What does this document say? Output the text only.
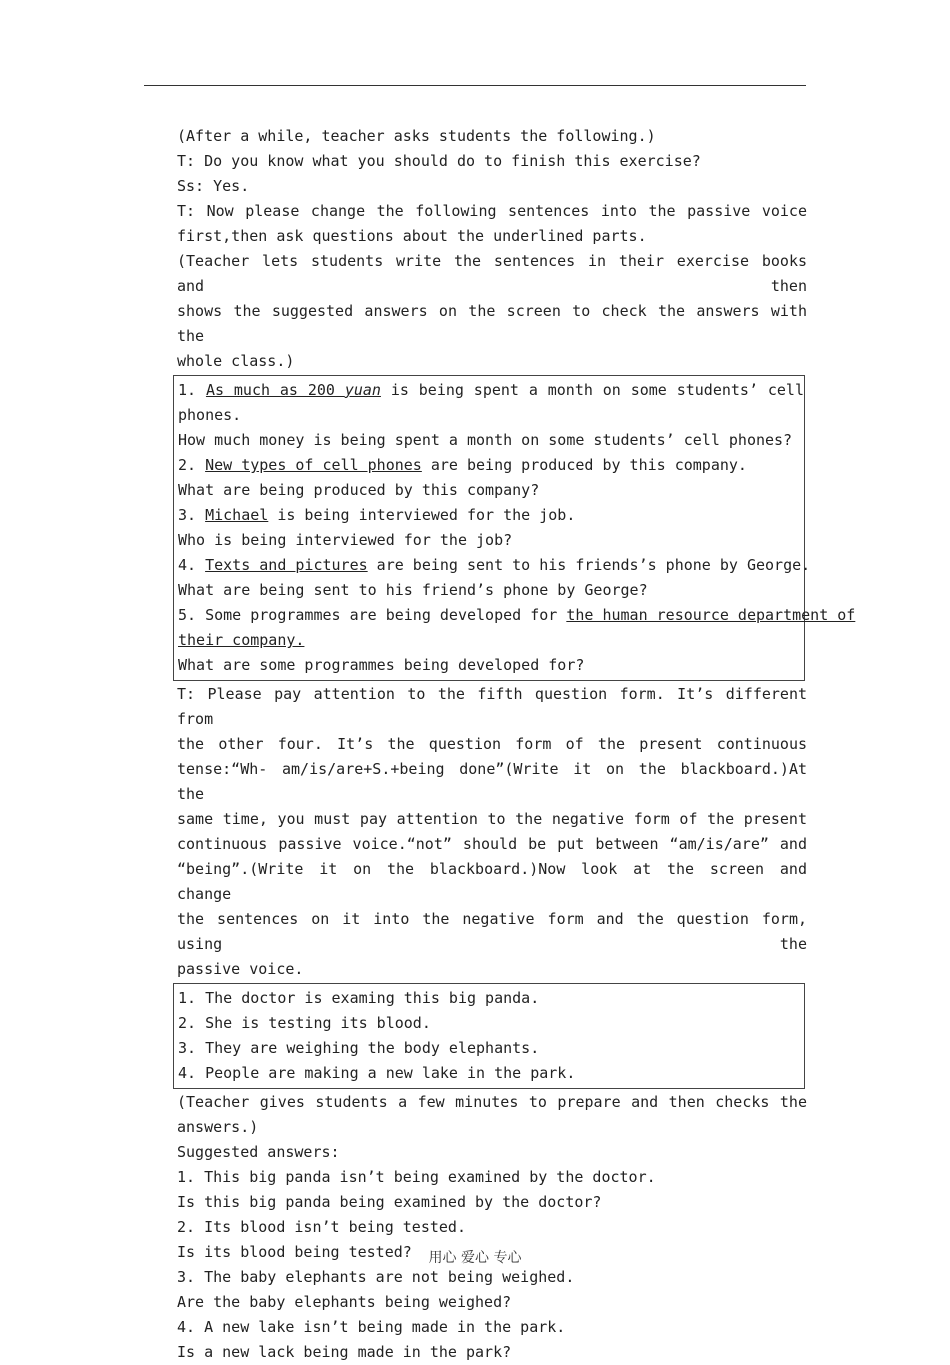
(After a while, teacher asks students the following.)
T: Do you know what you should do to finish this exercise?
Ss: Yes.
T: Now please change the following sentences into the passive voice
first,then ask questions about the underlined parts.
(Teacher lets students write the sentences in their exercise books and then
shows the suggested answers on the screen to check the answers with the
whole class.)
1. As much as 200 yuan is being spent a month on some students’ cell
phones.
How much money is being spent a month on some students’ cell phones?
2. New types of cell phones are being produced by this company.
What are being produced by this company?
3. Michael is being interviewed for the job.
Who is being interviewed for the job?
4. Texts and pictures are being sent to his friends’s phone by George.
What are being sent to his friend’s phone by George?
5. Some programmes are being developed for the human resource department of
their company.
What are some programmes being developed for?
T: Please pay attention to the fifth question form. It’s different from
the other four. It’s the question form of the present continuous
tense:“Wh- am/is/are+S.+being done”(Write it on the blackboard.)At the
same time, you must pay attention to the negative form of the present
continuous passive voice.“not” should be put between “am/is/are” and
“being”.(Write it on the blackboard.)Now look at the screen and change
the sentences on it into the negative form and the question form, using the
passive voice.
1. The doctor is examing this big panda.
2. She is testing its blood.
3. They are weighing the body elephants.
4. People are making a new lake in the park.
(Teacher gives students a few minutes to prepare and then checks the
answers.)
Suggested answers:
1. This big panda isn’t being examined by the doctor.
Is this big panda being examined by the doctor?
2. Its blood isn’t being tested.
Is its blood being tested?
3. The baby elephants are not being weighed.
Are the baby elephants being weighed?
4. A new lake isn’t being made in the park.
Is a new lack being made in the park?
用心 爱心 专心
